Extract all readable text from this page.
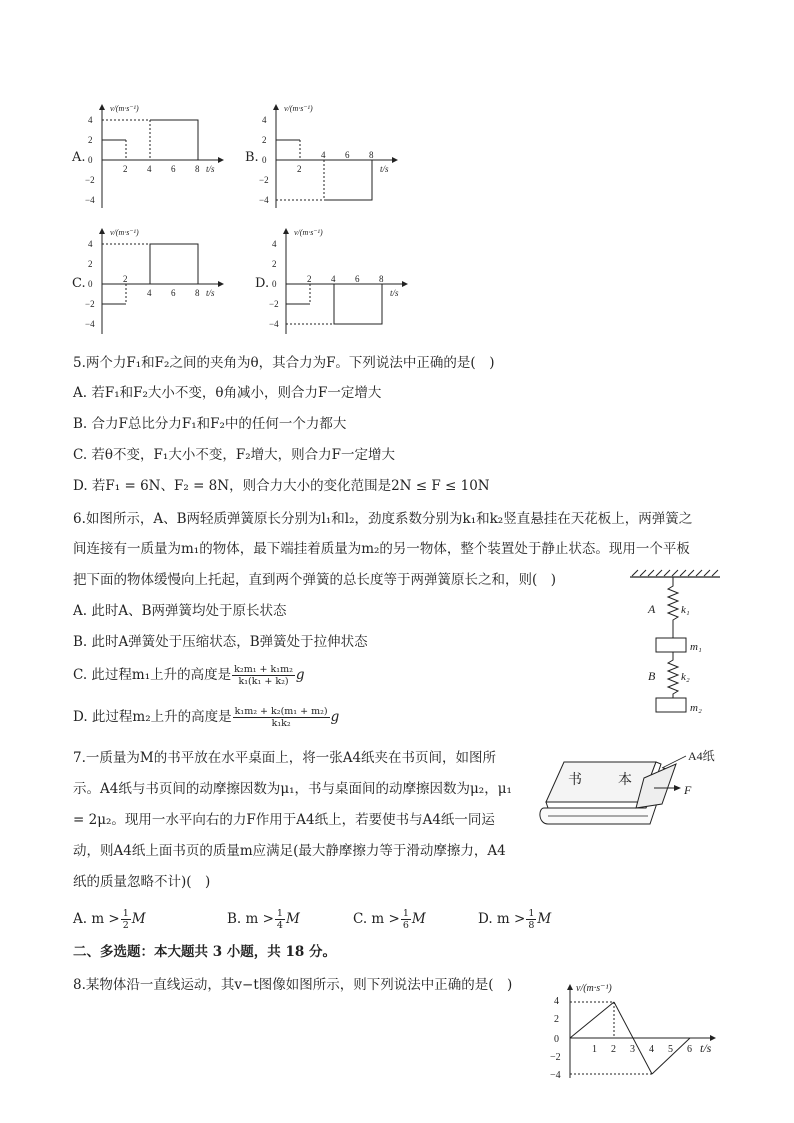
A.
v/(m·s⁻¹)
t/s
4
2
0
−2
−4
2 4 6 8
B.
v/(m·s⁻¹)
t/s
4
2
0
−2
−4
2
4 6 8
C.
v/(m·s⁻¹)
t/s
4
2
0
−2
−4
2
4 6 8
D.
v/(m·s⁻¹)
t/s
4
2
0
−2
−4
2 4 6 8
5.两个力F₁和F₂之间的夹角为θ，其合力为F。下列说法中正确的是(　)
A. 若F₁和F₂大小不变，θ角减小，则合力F一定增大
B. 合力F总比分力F₁和F₂中的任何一个力都大
C. 若θ不变，F₁大小不变，F₂增大，则合力F一定增大
D. 若F₁ = 6N、F₂ = 8N，则合力大小的变化范围是2N ≤ F ≤ 10N
6.如图所示，A、B两轻质弹簧原长分别为l₁和l₂，劲度系数分别为k₁和k₂竖直悬挂在天花板上，两弹簧之
间连接有一质量为m₁的物体，最下端挂着质量为m₂的另一物体，整个装置处于静止状态。现用一个平板
把下面的物体缓慢向上托起，直到两个弹簧的总长度等于两弹簧原长之和，则(　)
A. 此时A、B两弹簧均处于原长状态
B. 此时A弹簧处于压缩状态，B弹簧处于拉伸状态
C. 此过程m₁上升的高度是 $\frac{\text{k₂m₁ + k₁m₂}}{\text{k₁(k₁ + k₂)}}$ g
D. 此过程m₂上升的高度是 $\frac{\text{k₁m₂ + k₂(m₁ + m₂)}}{\text{k₁k₂}}$ g
A k₁
m₁
B k₂
m₂
7.一质量为M的书平放在水平桌面上，将一张A4纸夹在书页间，如图所
示。A4纸与书页间的动摩擦因数为μ₁，书与桌面间的动摩擦因数为μ₂，μ₁
= 2μ₂。现用一水平向右的力F作用于A4纸上，若要使书与A4纸一同运
动，则A4纸上面书页的质量m应满足(最大静摩擦力等于滑动摩擦力，A4
纸的质量忽略不计)(　)
A. $m > \frac{1}{2}$ M	B. $m > \frac{1}{4}$ M	C. $m > \frac{1}{6}$ M	D. $m > \frac{1}{8}$ M
书	本
A4纸
F
二、多选题：本大题共 3 小题，共 18 分。
8.某物体沿一直线运动，其v−t图像如图所示，则下列说法中正确的是(　)	v/(m·s⁻¹)
t/s
4
2
0
−2
−4
1 2 3 4 5 6
